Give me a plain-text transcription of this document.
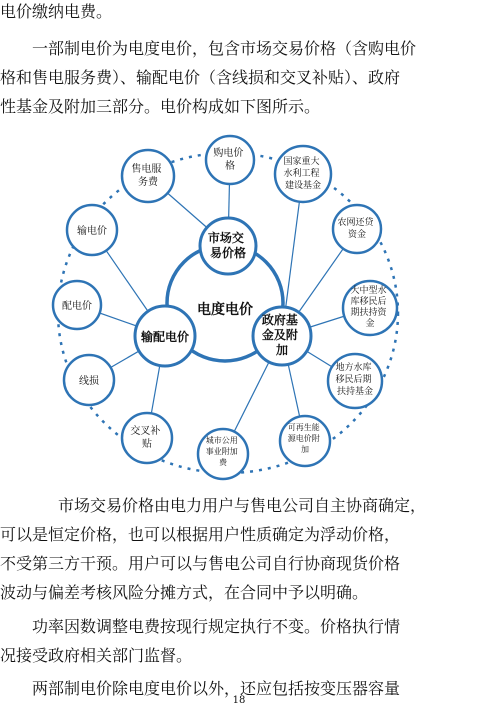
电价缴纳电费。

一部制电价为电度电价，包含市场交易价格（含购电价

格和售电服务费）、输配电价（含线损和交叉补贴）、政府

性基金及附加三部分。电价构成如下图所示。

电度电价
市场交 易价格
输配电价
政府基 金及附 加
购电价 格
售电服 务费
国家重大 水利工程 建设基金
农网还贷 资金
输电价
大中型水 库移民后 期扶持资 金
配电价
线损
地方水库 移民后期 扶持基金
交叉补 贴	城市公用 事业附加 费
可再生能 源电价附 加

市场交易价格由电力用户与售电公司自主协商确定，

可以是恒定价格，也可以根据用户性质确定为浮动价格，

不受第三方干预。用户可以与售电公司自行协商现货价格

波动与偏差考核风险分摊方式，在合同中予以明确。

功率因数调整电费按现行规定执行不变。价格执行情

况接受政府相关部门监督。

两部制电价除电度电价以外，还应包括按变压器容量

18
